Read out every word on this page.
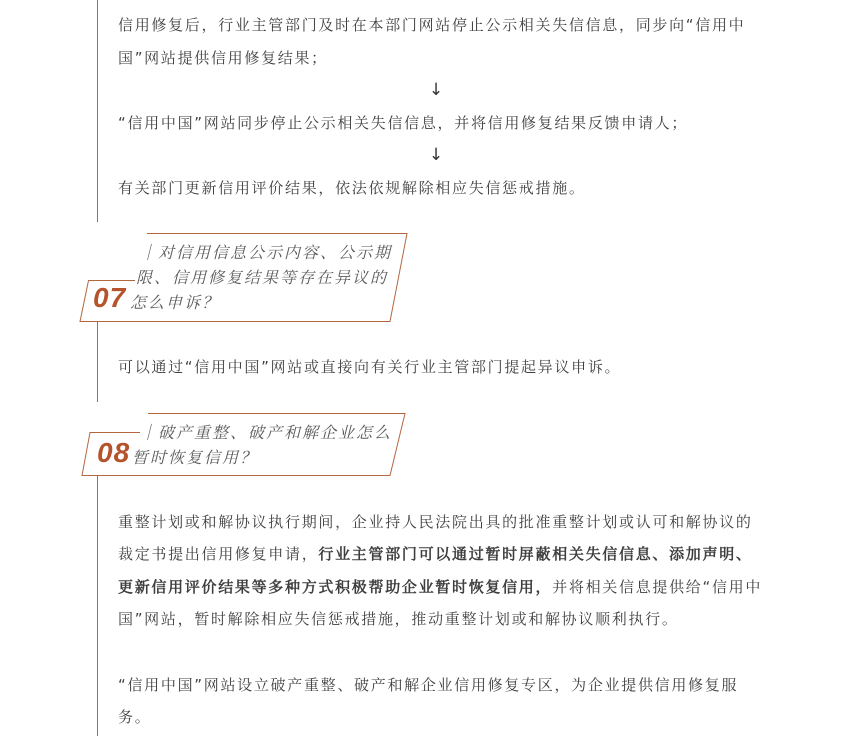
信用修复后，行业主管部门及时在本部门网站停止公示相关失信信息，同步向“信用中
国”网站提供信用修复结果；
↓
“信用中国”网站同步停止公示相关失信信息，并将信用修复结果反馈申请人；
↓
有关部门更新信用评价结果，依法依规解除相应失信惩戒措施。
07
｜对信用信息公示内容、公示期
限、信用修复结果等存在异议的
怎么申诉？
可以通过“信用中国”网站或直接向有关行业主管部门提起异议申诉。
08
｜破产重整、破产和解企业怎么
暂时恢复信用？
重整计划或和解协议执行期间，企业持人民法院出具的批准重整计划或认可和解协议的
裁定书提出信用修复申请，行业主管部门可以通过暂时屏蔽相关失信信息、添加声明、
更新信用评价结果等多种方式积极帮助企业暂时恢复信用，并将相关信息提供给“信用中
国”网站，暂时解除相应失信惩戒措施，推动重整计划或和解协议顺利执行。
“信用中国”网站设立破产重整、破产和解企业信用修复专区，为企业提供信用修复服
务。
